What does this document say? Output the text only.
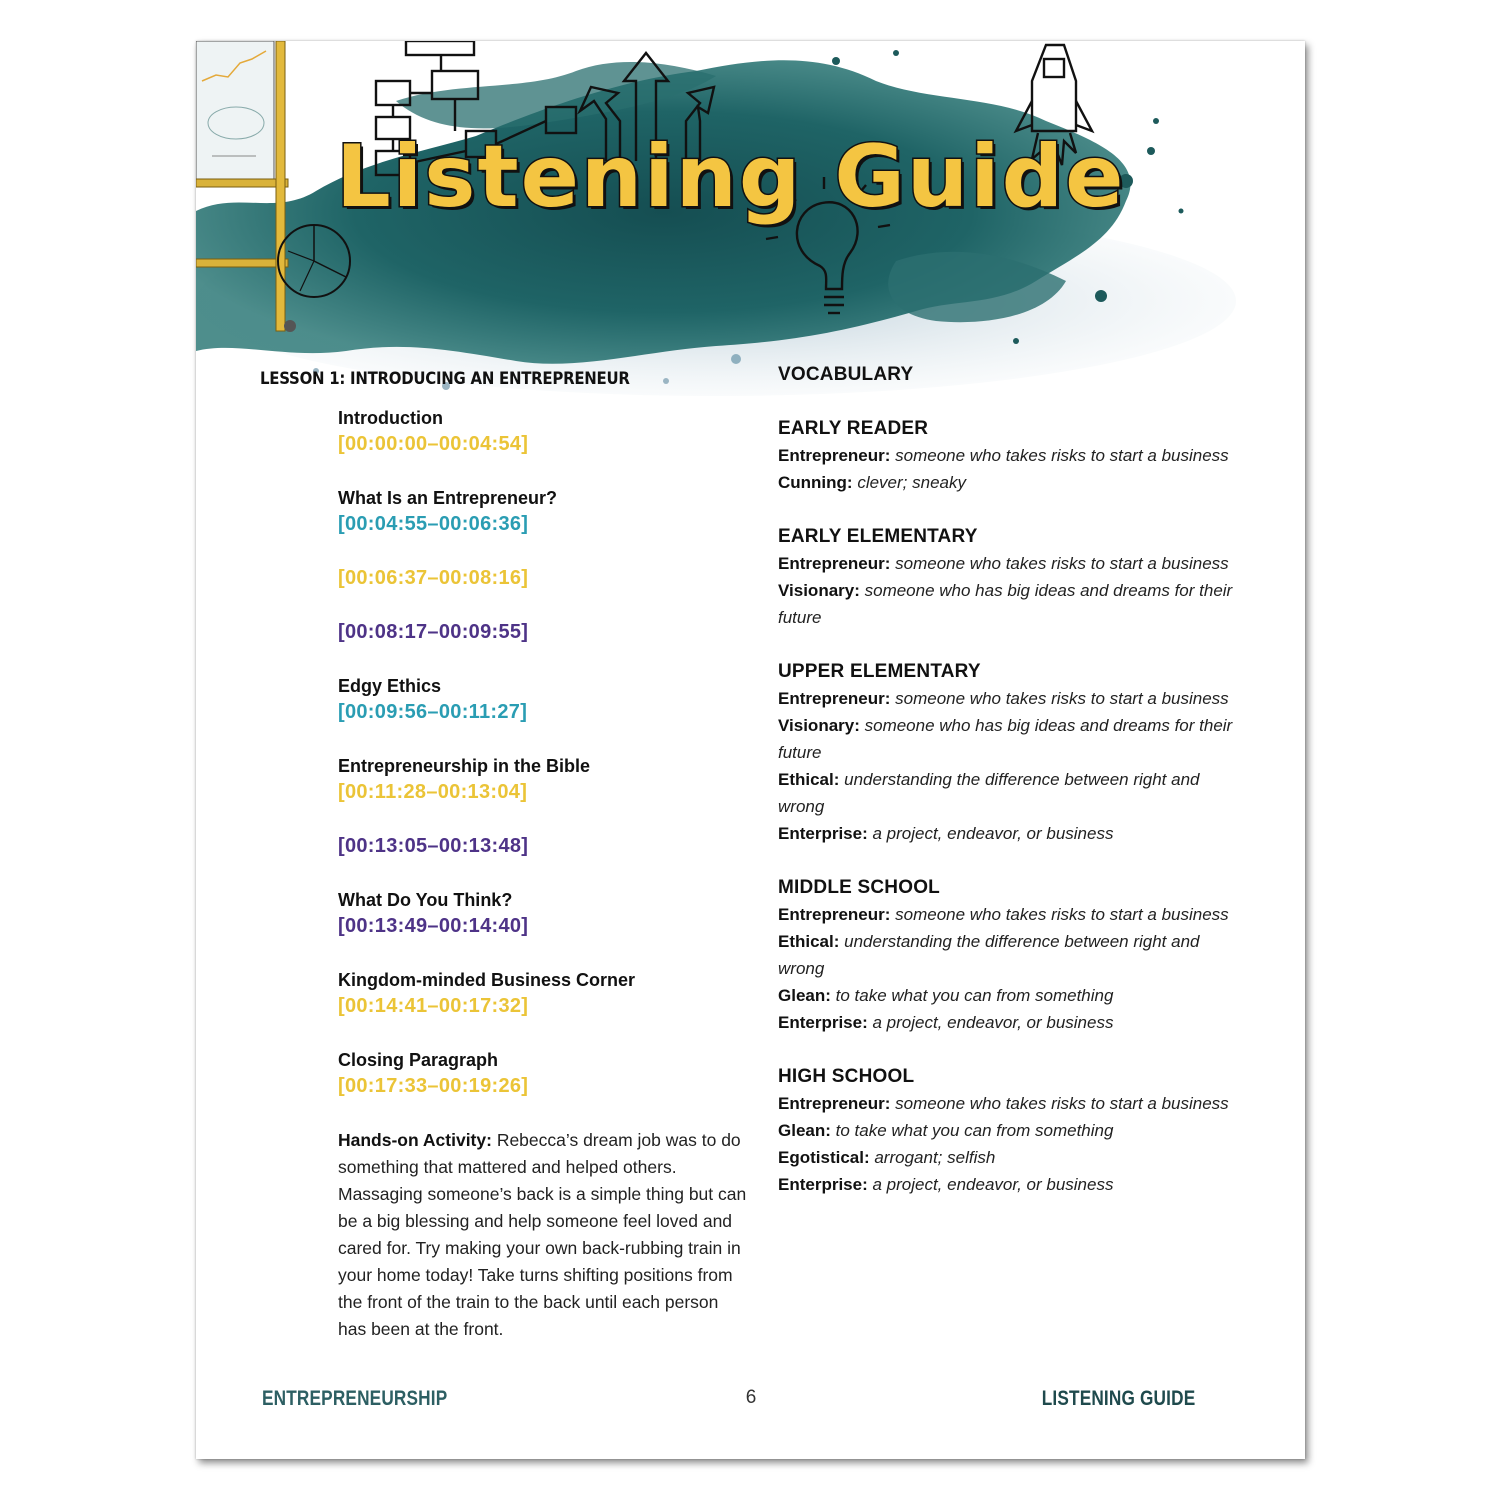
Listening Guide
LESSON 1: INTRODUCING AN ENTREPRENEUR
Introduction
[00:00:00–00:04:54]
What Is an Entrepreneur?
[00:04:55–00:06:36]
[00:06:37–00:08:16]
[00:08:17–00:09:55]
Edgy Ethics
[00:09:56–00:11:27]
Entrepreneurship in the Bible
[00:11:28–00:13:04]
[00:13:05–00:13:48]
What Do You Think?
[00:13:49–00:14:40]
Kingdom-minded Business Corner
[00:14:41–00:17:32]
Closing Paragraph
[00:17:33–00:19:26]
Hands-on Activity: Rebecca’s dream job was to do something that mattered and helped others. Massaging someone’s back is a simple thing but can be a big blessing and help someone feel loved and cared for. Try making your own back-rubbing train in your home today! Take turns shifting positions from the front of the train to the back until each person has been at the front.
VOCABULARY
EARLY READER
Entrepreneur: someone who takes risks to start a business
Cunning: clever; sneaky
EARLY ELEMENTARY
Entrepreneur: someone who takes risks to start a business
Visionary: someone who has big ideas and dreams for their future
UPPER ELEMENTARY
Entrepreneur: someone who takes risks to start a business
Visionary: someone who has big ideas and dreams for their future
Ethical: understanding the difference between right and wrong
Enterprise: a project, endeavor, or business
MIDDLE SCHOOL
Entrepreneur: someone who takes risks to start a business
Ethical: understanding the difference between right and wrong
Glean: to take what you can from something
Enterprise: a project, endeavor, or business
HIGH SCHOOL
Entrepreneur: someone who takes risks to start a business
Glean: to take what you can from something
Egotistical: arrogant; selfish
Enterprise: a project, endeavor, or business
ENTREPRENEURSHIP	6	LISTENING GUIDE
